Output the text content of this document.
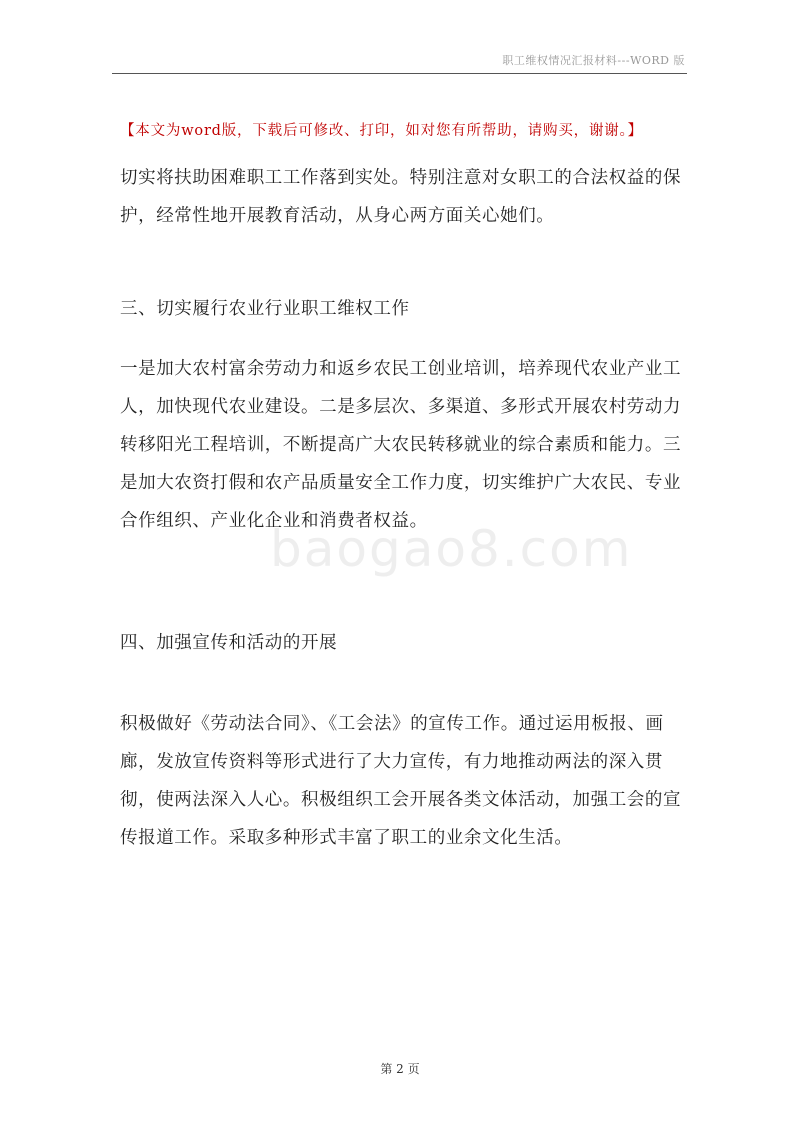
职工维权情况汇报材料---WORD 版
【本文为word版，下载后可修改、打印，如对您有所帮助，请购买，谢谢。】
baogao8.com

切实将扶助困难职工工作落到实处。特别注意对女职工的合法权益的保护，经常性地开展教育活动，从身心两方面关心她们。

三、切实履行农业行业职工维权工作

一是加大农村富余劳动力和返乡农民工创业培训，培养现代农业产业工人，加快现代农业建设。二是多层次、多渠道、多形式开展农村劳动力转移阳光工程培训，不断提高广大农民转移就业的综合素质和能力。三是加大农资打假和农产品质量安全工作力度，切实维护广大农民、专业合作组织、产业化企业和消费者权益。

四、加强宣传和活动的开展

积极做好《劳动法合同》、《工会法》的宣传工作。通过运用板报、画廊，发放宣传资料等形式进行了大力宣传，有力地推动两法的深入贯彻，使两法深入人心。积极组织工会开展各类文体活动，加强工会的宣传报道工作。采取多种形式丰富了职工的业余文化生活。

第 2 页
